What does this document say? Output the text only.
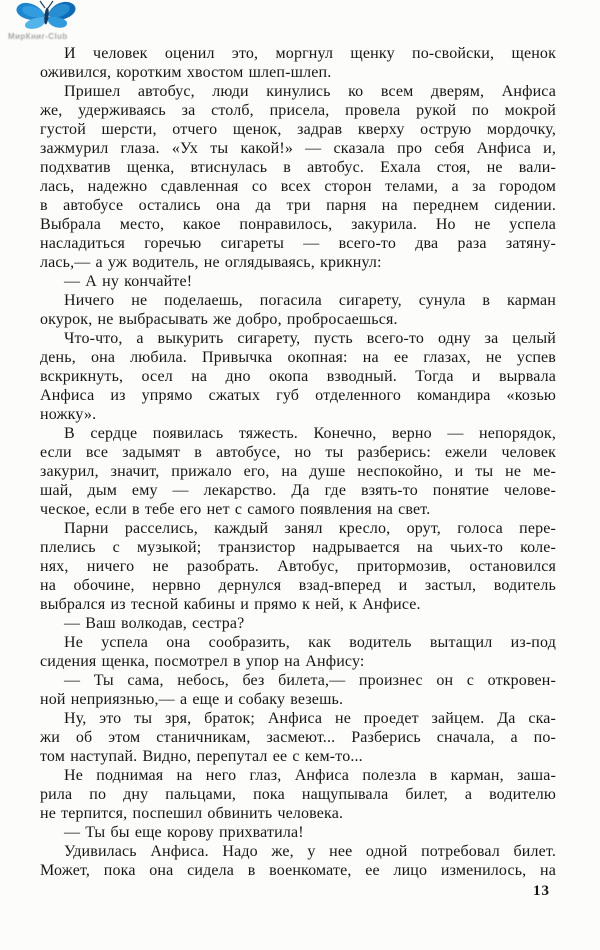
МирКниг-Club
И человек оценил это, моргнул щенку по-свойски, щенок
оживился, коротким хвостом шлеп-шлеп.
Пришел автобус, люди кинулись ко всем дверям, Анфиса
же, удерживаясь за столб, присела, провела рукой по мокрой
густой шерсти, отчего щенок, задрав кверху острую мордочку,
зажмурил глаза. «Ух ты какой!» — сказала про себя Анфиса и,
подхватив щенка, втиснулась в автобус. Ехала стоя, не вали-
лась, надежно сдавленная со всех сторон телами, а за городом
в автобусе остались она да три парня на переднем сидении.
Выбрала место, какое понравилось, закурила. Но не успела
насладиться горечью сигареты — всего-то два раза затяну-
лась,— а уж водитель, не оглядываясь, крикнул:
— А ну кончайте!
Ничего не поделаешь, погасила сигарету, сунула в карман
окурок, не выбрасывать же добро, пробросаешься.
Что-что, а выкурить сигарету, пусть всего-то одну за целый
день, она любила. Привычка окопная: на ее глазах, не успев
вскрикнуть, осел на дно окопа взводный. Тогда и вырвала
Анфиса из упрямо сжатых губ отделенного командира «козью
ножку».
В сердце появилась тяжесть. Конечно, верно — непорядок,
если все задымят в автобусе, но ты разберись: ежели человек
закурил, значит, прижало его, на душе неспокойно, и ты не ме-
шай, дым ему — лекарство. Да где взять-то понятие челове-
ческое, если в тебе его нет с самого появления на свет.
Парни расселись, каждый занял кресло, орут, голоса пере-
плелись с музыкой; транзистор надрывается на чьих-то коле-
нях, ничего не разобрать. Автобус, притормозив, остановился
на обочине, нервно дернулся взад-вперед и застыл, водитель
выбрался из тесной кабины и прямо к ней, к Анфисе.
— Ваш волкодав, сестра?
Не успела она сообразить, как водитель вытащил из-под
сидения щенка, посмотрел в упор на Анфису:
— Ты сама, небось, без билета,— произнес он с откровен-
ной неприязнью,— а еще и собаку везешь.
Ну, это ты зря, браток; Анфиса не проедет зайцем. Да ска-
жи об этом станичникам, засмеют... Разберись сначала, а по-
том наступай. Видно, перепутал ее с кем-то...
Не поднимая на него глаз, Анфиса полезла в карман, заша-
рила по дну пальцами, пока нащупывала билет, а водителю
не терпится, поспешил обвинить человека.
— Ты бы еще корову прихватила!
Удивилась Анфиса. Надо же, у нее одной потребовал билет.
Может, пока она сидела в военкомате, ее лицо изменилось, на
13
